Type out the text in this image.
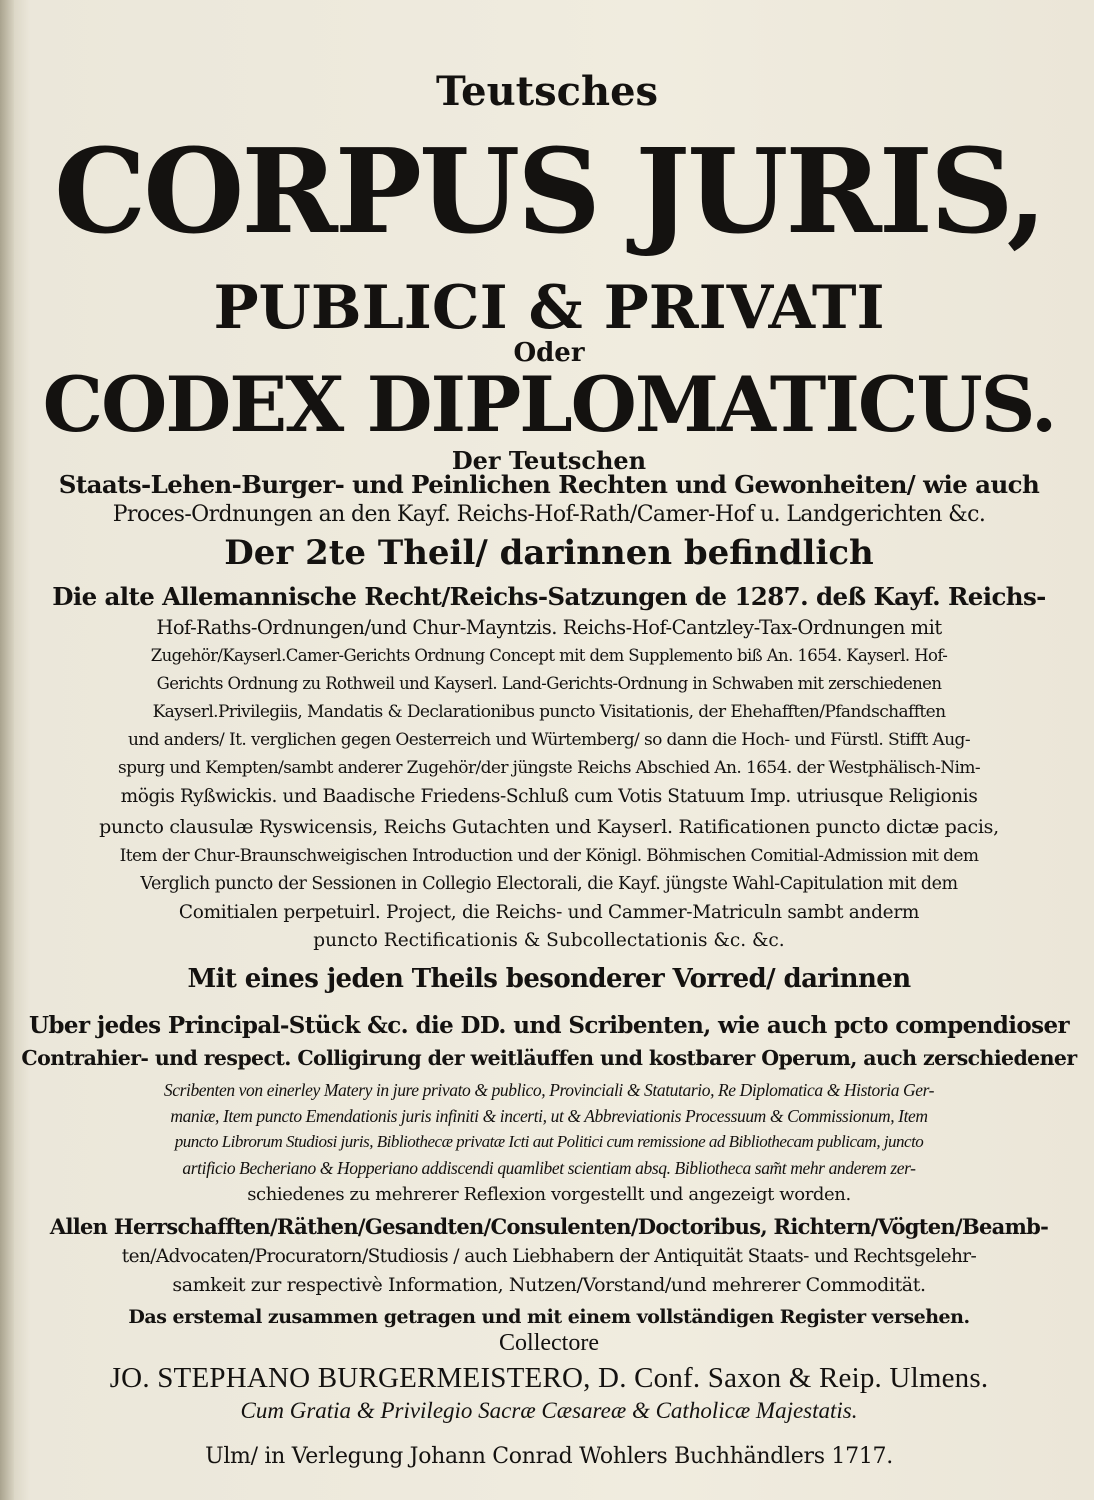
Teutsches
CORPUS JURIS,
PUBLICI & PRIVATI
Oder
CODEX DIPLOMATICUS.
Der Teutschen
Staats-Lehen-Burger- und Peinlichen Rechten und Gewonheiten/ wie auch
Proces-Ordnungen an den Kayf. Reichs-Hof-Rath/Camer-Hof u. Landgerichten &c.
Der 2te Theil/ darinnen befindlich
Die alte Allemannische Recht/Reichs-Satzungen de 1287. deß Kayf. Reichs-
Hof-Raths-Ordnungen/und Chur-Mayntzis. Reichs-Hof-Cantzley-Tax-Ordnungen mit
Zugehör/Kayserl.Camer-Gerichts Ordnung Concept mit dem Supplemento biß An. 1654. Kayserl. Hof-
Gerichts Ordnung zu Rothweil und Kayserl. Land-Gerichts-Ordnung in Schwaben mit zerschiedenen
Kayserl.Privilegiis, Mandatis & Declarationibus puncto Visitationis, der Ehehafften/Pfandschafften
und anders/ It. verglichen gegen Oesterreich und Würtemberg/ so dann die Hoch- und Fürstl. Stifft Aug-
spurg und Kempten/sambt anderer Zugehör/der jüngste Reichs Abschied An. 1654. der Westphälisch-Nim-
mögis Ryßwickis. und Baadische Friedens-Schluß cum Votis Statuum Imp. utriusque Religionis
puncto clausulæ Ryswicensis, Reichs Gutachten und Kayserl. Ratificationen puncto dictæ pacis,
Item der Chur-Braunschweigischen Introduction und der Königl. Böhmischen Comitial-Admission mit dem
Verglich puncto der Sessionen in Collegio Electorali, die Kayf. jüngste Wahl-Capitulation mit dem
Comitialen perpetuirl. Project, die Reichs- und Cammer-Matriculn sambt anderm
puncto Rectificationis & Subcollectationis &c. &c.
Mit eines jeden Theils besonderer Vorred/ darinnen
Uber jedes Principal-Stück &c. die DD. und Scribenten, wie auch pcto compendioser
Contrahier- und respect. Colligirung der weitläuffen und kostbarer Operum, auch zerschiedener
Scribenten von einerley Matery in jure privato & publico, Provinciali & Statutario, Re Diplomatica & Historia Ger-
maniæ, Item puncto Emendationis juris infiniti & incerti, ut & Abbreviationis Processuum & Commissionum, Item
puncto Librorum Studiosi juris, Bibliothecæ privatæ Icti aut Politici cum remissione ad Bibliothecam publicam, juncto
artificio Becheriano & Hopperiano addiscendi quamlibet scientiam absq. Bibliotheca sam̃t mehr anderem zer-
schiedenes zu mehrerer Reflexion vorgestellt und angezeigt worden.
Allen Herrschafften/Räthen/Gesandten/Consulenten/Doctoribus, Richtern/Vögten/Beamb-
ten/Advocaten/Procuratorn/Studiosis / auch Liebhabern der Antiquität Staats- und Rechtsgelehr-
samkeit zur respectivè Information, Nutzen/Vorstand/und mehrerer Commodität.
Das erstemal zusammen getragen und mit einem vollständigen Register versehen.
Collectore
JO. STEPHANO BURGERMEISTERO, D. Conf. Saxon & Reip. Ulmens.
Cum Gratia & Privilegio Sacræ Cæsareæ & Catholicæ Majestatis.
Ulm/ in Verlegung Johann Conrad Wohlers Buchhändlers 1717.
